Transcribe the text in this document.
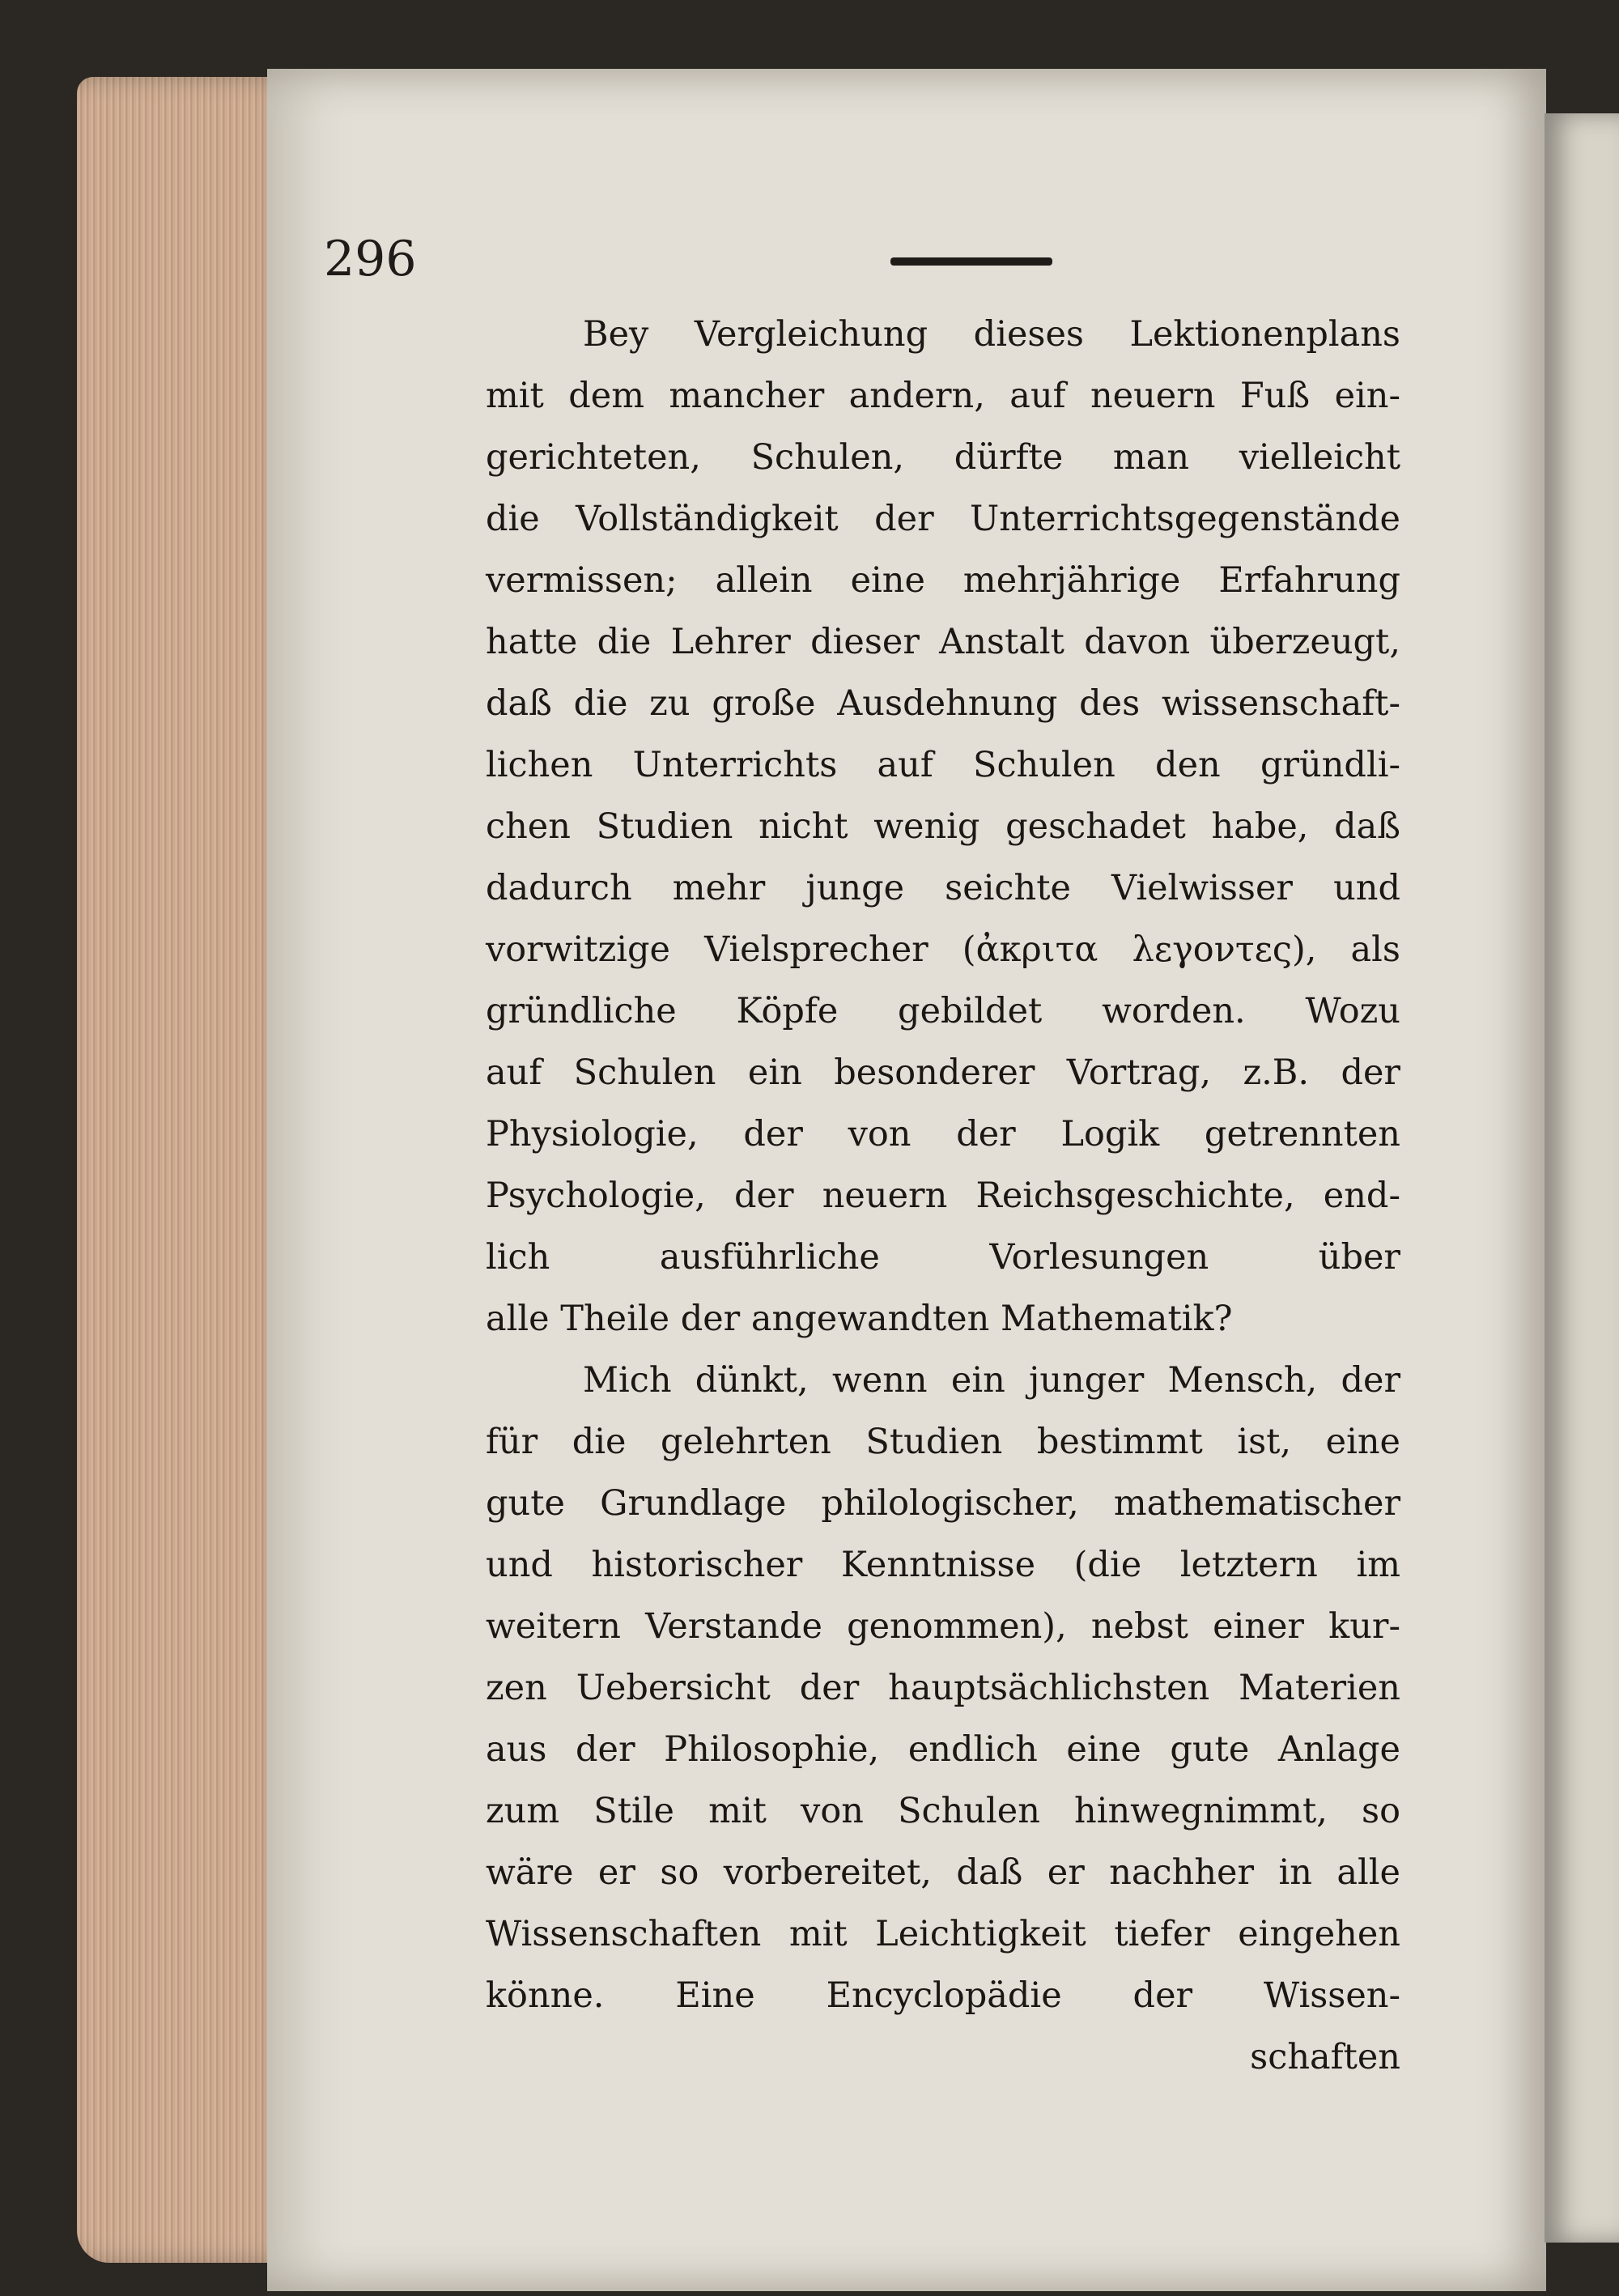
296
Bey Vergleichung dieses Lektionenplans
mit dem mancher andern, auf neuern Fuß ein-
gerichteten, Schulen, dürfte man vielleicht
die Vollständigkeit der Unterrichtsgegenstände
vermissen; allein eine mehrjährige Erfahrung
hatte die Lehrer dieser Anstalt davon überzeugt,
daß die zu große Ausdehnung des wissenschaft-
lichen Unterrichts auf Schulen den gründli-
chen Studien nicht wenig geschadet habe, daß
dadurch mehr junge seichte Vielwisser und
vorwitzige Vielsprecher (ἀκριτα λεγοντες), als
gründliche Köpfe gebildet worden. Wozu
auf Schulen ein besonderer Vortrag, z.B. der
Physiologie, der von der Logik getrennten
Psychologie, der neuern Reichsgeschichte, end-
lich ausführliche Vorlesungen über
alle Theile der angewandten Mathematik?
Mich dünkt, wenn ein junger Mensch, der
für die gelehrten Studien bestimmt ist, eine
gute Grundlage philologischer, mathematischer
und historischer Kenntnisse (die letztern im
weitern Verstande genommen), nebst einer kur-
zen Uebersicht der hauptsächlichsten Materien
aus der Philosophie, endlich eine gute Anlage
zum Stile mit von Schulen hinwegnimmt, so
wäre er so vorbereitet, daß er nachher in alle
Wissenschaften mit Leichtigkeit tiefer eingehen
könne. Eine Encyclopädie der Wissen-
schaften
